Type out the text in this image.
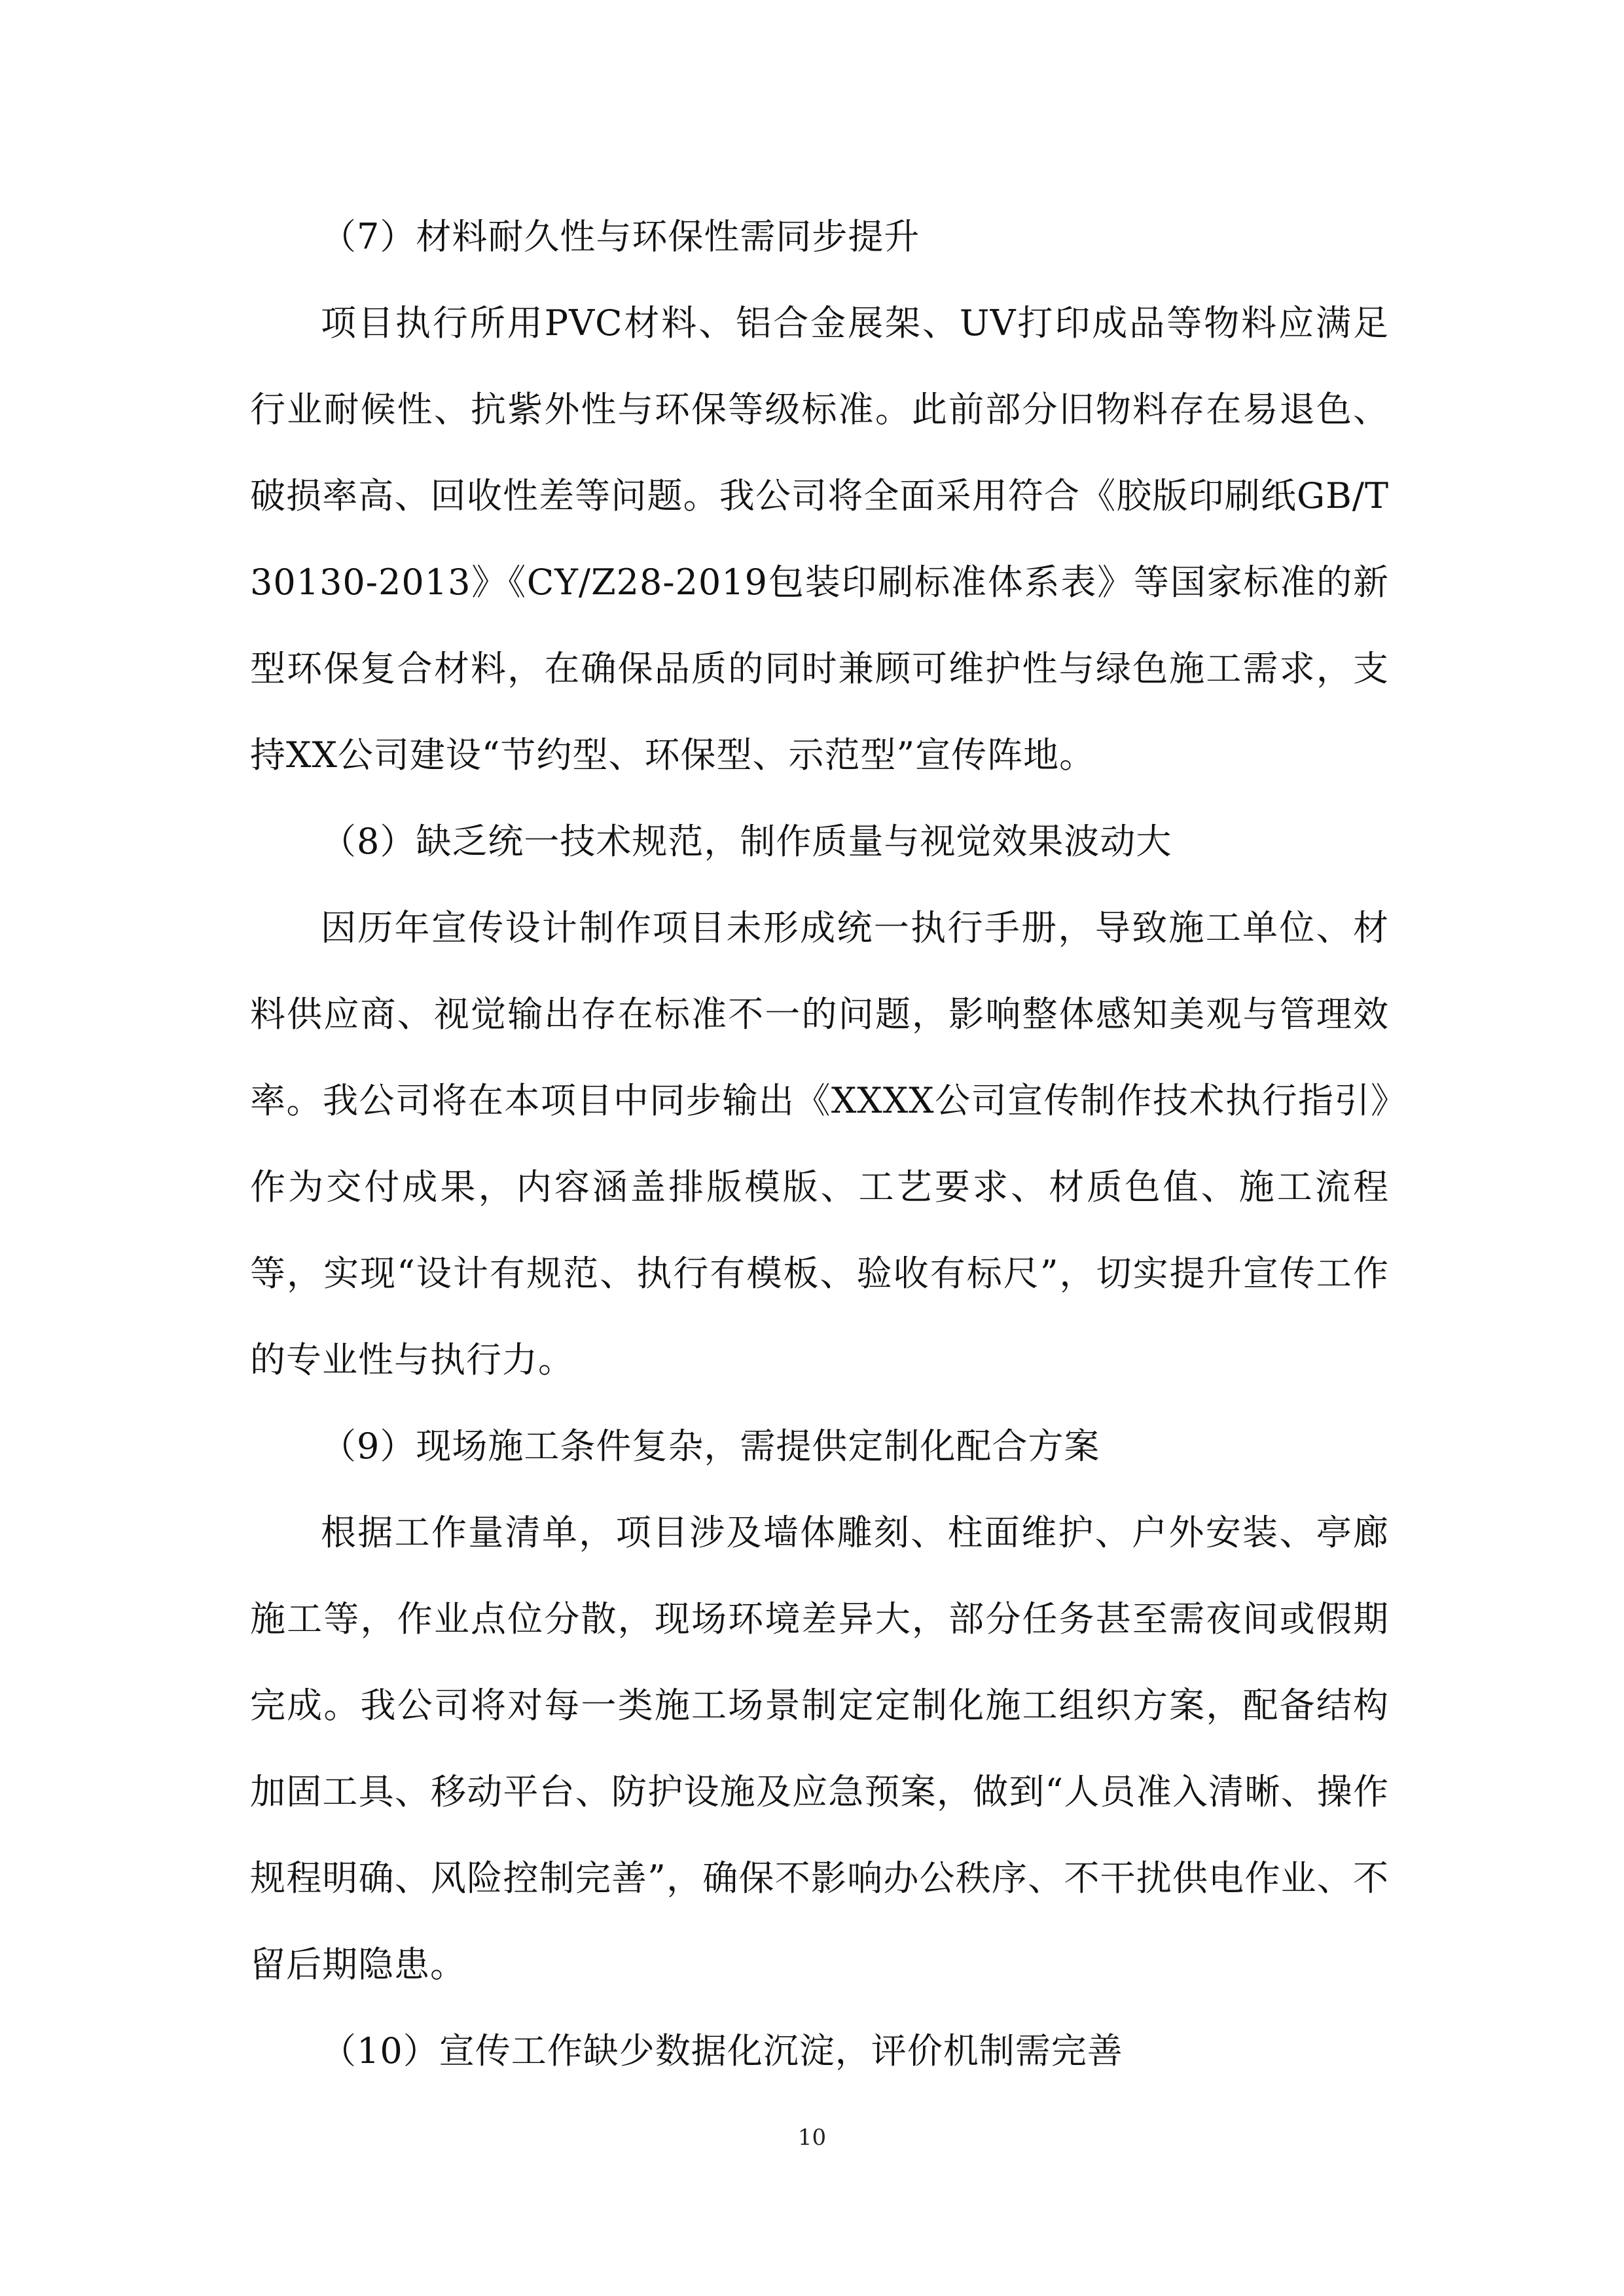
（7）材料耐久性与环保性需同步提升

项目执行所用PVC材料、铝合金展架、UV打印成品等物料应满足行业耐候性、抗紫外性与环保等级标准。此前部分旧物料存在易退色、破损率高、回收性差等问题。我公司将全面采用符合《胶版印刷纸GB/T30130-2013》《CY/Z28-2019包装印刷标准体系表》等国家标准的新型环保复合材料，在确保品质的同时兼顾可维护性与绿色施工需求，支持XX公司建设“节约型、环保型、示范型”宣传阵地。

（8）缺乏统一技术规范，制作质量与视觉效果波动大

因历年宣传设计制作项目未形成统一执行手册，导致施工单位、材料供应商、视觉输出存在标准不一的问题，影响整体感知美观与管理效率。我公司将在本项目中同步输出《XXXX公司宣传制作技术执行指引》作为交付成果，内容涵盖排版模版、工艺要求、材质色值、施工流程等，实现“设计有规范、执行有模板、验收有标尺”，切实提升宣传工作的专业性与执行力。

（9）现场施工条件复杂，需提供定制化配合方案

根据工作量清单，项目涉及墙体雕刻、柱面维护、户外安装、亭廊施工等，作业点位分散，现场环境差异大，部分任务甚至需夜间或假期完成。我公司将对每一类施工场景制定定制化施工组织方案，配备结构加固工具、移动平台、防护设施及应急预案，做到“人员准入清晰、操作规程明确、风险控制完善”，确保不影响办公秩序、不干扰供电作业、不留后期隐患。

（10）宣传工作缺少数据化沉淀，评价机制需完善

10
